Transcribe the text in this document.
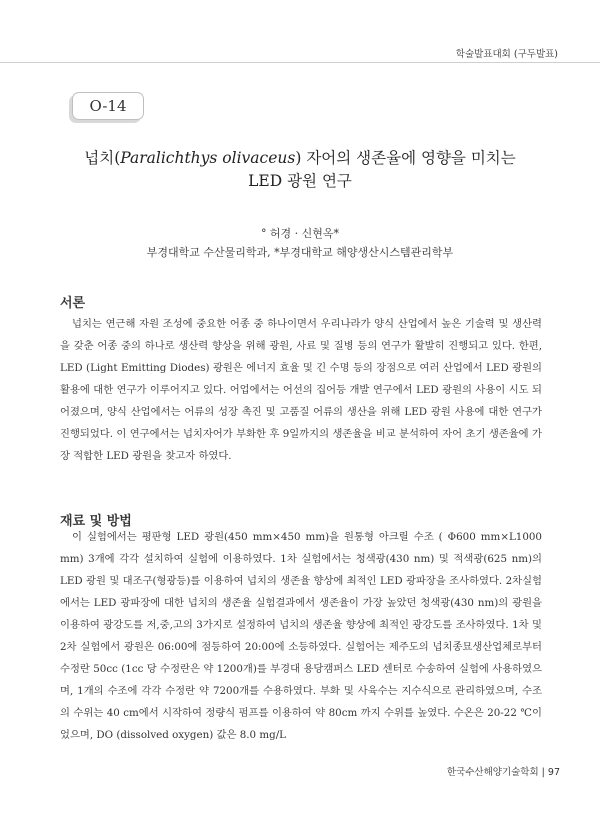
학술발표대회 (구두발표)
O-14
넙치(Paralichthys olivaceus) 자어의 생존율에 영향을 미치는
LED 광원 연구
° 허경 · 신현옥*
부경대학교 수산물리학과, *부경대학교 해양생산시스템관리학부
서론

넙치는 연근해 자원 조성에 중요한 어종 중 하나이면서 우리나라가 양식 산업에서 높은 기술력 및 생산력을 갖춘 어종 중의 하나로 생산력 향상을 위해 광원, 사료 및 질병 등의 연구가 활발히 진행되고 있다. 한편, LED (Light Emitting Diodes) 광원은 에너지 효율 및 긴 수명 등의 장점으로 여러 산업에서 LED 광원의 활용에 대한 연구가 이루어지고 있다. 어업에서는 어선의 집어등 개발 연구에서 LED 광원의 사용이 시도 되어졌으며, 양식 산업에서는 어류의 성장 촉진 및 고품질 어류의 생산을 위해 LED 광원 사용에 대한 연구가 진행되었다. 이 연구에서는 넙치자어가 부화한 후 9일까지의 생존율을 비교 분석하여 자어 초기 생존율에 가장 적합한 LED 광원을 찾고자 하였다.

재료 및 방법

이 실험에서는 평판형 LED 광원(450 mm×450 mm)을 원통형 아크릴 수조 ( Φ600 mm×L1000 mm) 3개에 각각 설치하여 실험에 이용하였다. 1차 실험에서는 청색광(430 nm) 및 적색광(625 nm)의 LED 광원 및 대조구(형광등)를 이용하여 넙치의 생존율 향상에 최적인 LED 광파장을 조사하였다. 2차실험에서는 LED 광파장에 대한 넙치의 생존율 실험결과에서 생존율이 가장 높았던 청색광(430 nm)의 광원을 이용하여 광강도를 저,중,고의 3가지로 설정하여 넙치의 생존율 향상에 최적인 광강도를 조사하였다. 1차 및 2차 실험에서 광원은 06:00에 점등하여 20:00에 소등하였다. 실험어는 제주도의 넙치종묘생산업체로부터 수정란 50cc (1cc 당 수정란은 약 1200개)를 부경대 용당캠퍼스 LED 센터로 수송하여 실험에 사용하였으며, 1개의 수조에 각각 수정란 약 7200개를 수용하였다. 부화 및 사육수는 지수식으로 관리하였으며, 수조의 수위는 40 cm에서 시작하여 정량식 펌프를 이용하여 약 80cm 까지 수위를 높였다. 수온은 20-22 ℃이었으며, DO (dissolved oxygen) 값은 8.0 mg/L

한국수산해양기술학회 | 97
